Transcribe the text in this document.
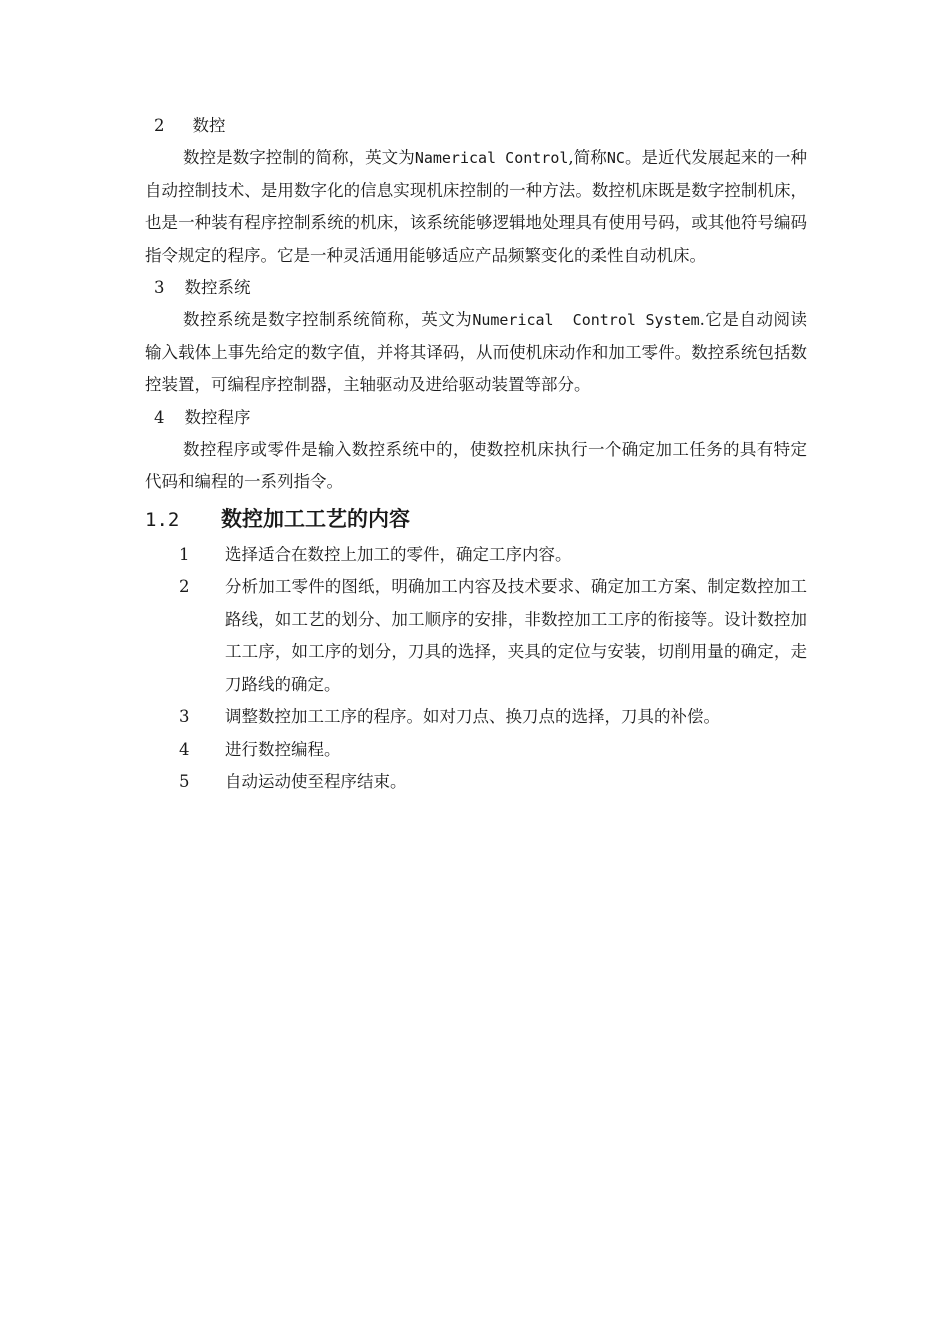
2 数控

数控是数字控制的简称，英文为Namerical Control,简称NC。是近代发展起来的一种自动控制技术、是用数字化的信息实现机床控制的一种方法。数控机床既是数字控制机床，也是一种装有程序控制系统的机床，该系统能够逻辑地处理具有使用号码，或其他符号编码指令规定的程序。它是一种灵活通用能够适应产品频繁变化的柔性自动机床。

3 数控系统

数控系统是数字控制系统简称，英文为Numerical  Control System.它是自动阅读输入载体上事先给定的数字值，并将其译码，从而使机床动作和加工零件。数控系统包括数控装置，可编程序控制器，主轴驱动及进给驱动装置等部分。

4 数控程序

数控程序或零件是输入数控系统中的，使数控机床执行一个确定加工任务的具有特定代码和编程的一系列指令。

1.2 数控加工工艺的内容
1	选择适合在数控上加工的零件，确定工序内容。
2	分析加工零件的图纸，明确加工内容及技术要求、确定加工方案、制定数控加工路线，如工艺的划分、加工顺序的安排，非数控加工工序的衔接等。设计数控加工工序，如工序的划分，刀具的选择，夹具的定位与安装，切削用量的确定，走刀路线的确定。
3	调整数控加工工序的程序。如对刀点、换刀点的选择，刀具的补偿。
4	进行数控编程。
5	自动运动使至程序结束。
